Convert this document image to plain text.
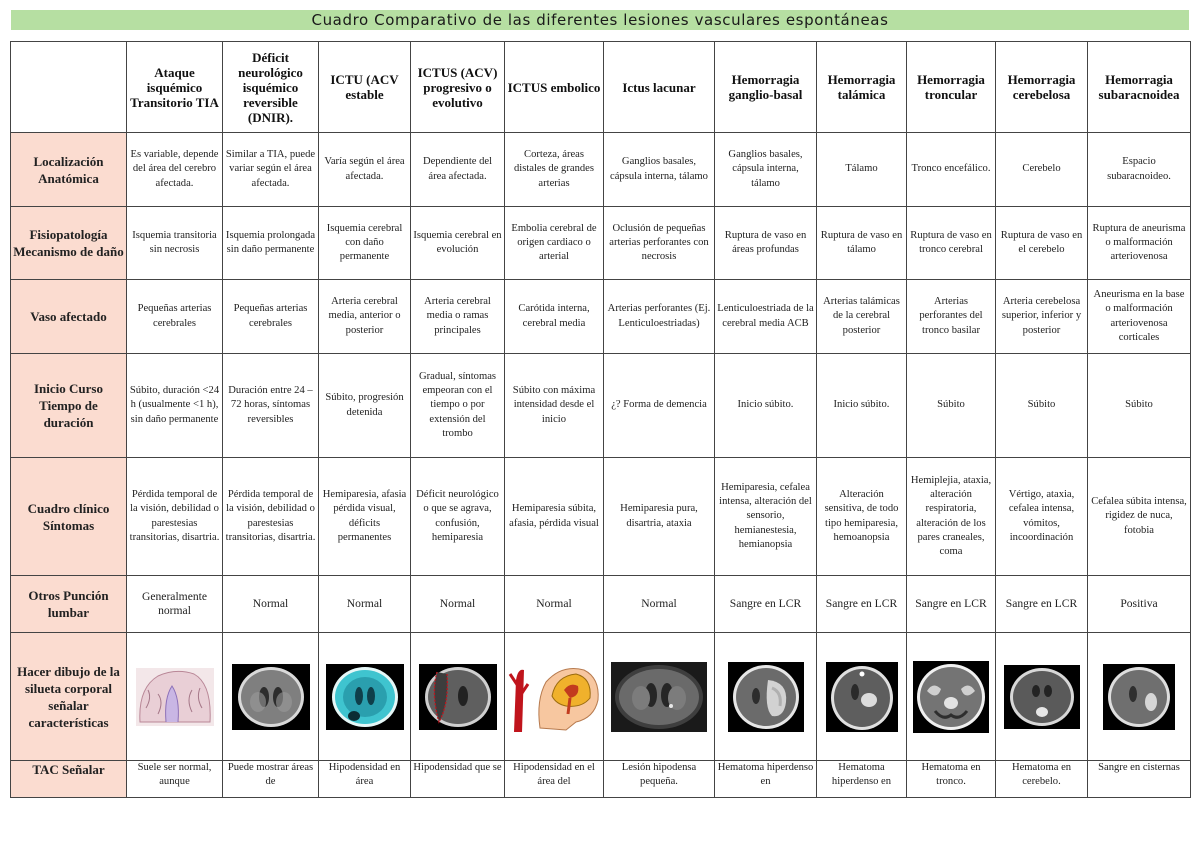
Cuadro Comparativo de las diferentes lesiones vasculares espontáneas
	Ataque isquémico Transitorio TIA	Déficit neurológico isquémico reversible (DNIR).	ICTU (ACV estable	ICTUS (ACV) progresivo o evolutivo	ICTUS embolico	Ictus lacunar	Hemorragia ganglio-basal	Hemorragia talámica	Hemorragia troncular	Hemorragia cerebelosa	Hemorragia subaracnoidea
Localización Anatómica	Es variable, depende del área del cerebro afectada.	Similar a TIA, puede variar según el área afectada.	Varía según el área afectada.	Dependiente del área afectada.	Corteza, áreas distales de grandes arterias	Ganglios basales, cápsula interna, tálamo	Ganglios basales, cápsula interna, tálamo	Tálamo	Tronco encefálico.	Cerebelo	Espacio subaracnoideo.
Fisiopatología Mecanismo de daño	Isquemia transitoria sin necrosis	Isquemia prolongada sin daño permanente	Isquemia cerebral con daño permanente	Isquemia cerebral en evolución	Embolia cerebral de origen cardiaco o arterial	Oclusión de pequeñas arterias perforantes con necrosis	Ruptura de vaso en áreas profundas	Ruptura de vaso en tálamo	Ruptura de vaso en tronco cerebral	Ruptura de vaso en el cerebelo	Ruptura de aneurisma o malformación arteriovenosa
Vaso afectado	Pequeñas arterias cerebrales	Pequeñas arterias cerebrales	Arteria cerebral media, anterior o posterior	Arteria cerebral media o ramas principales	Carótida interna, cerebral media	Arterias perforantes (Ej. Lenticuloestriadas)	Lenticuloestriada de la cerebral media ACB	Arterias talámicas de la cerebral posterior	Arterias perforantes del tronco basilar	Arteria cerebelosa superior, inferior y posterior	Aneurisma en la base o malformación arteriovenosa corticales
Inicio Curso Tiempo de duración	Súbito, duración <24 h (usualmente <1 h), sin daño permanente	Duración entre 24 – 72 horas, síntomas reversibles	Súbito, progresión detenida	Gradual, síntomas empeoran con el tiempo o por extensión del trombo	Súbito con máxima intensidad desde el inicio	¿? Forma de demencia	Inicio súbito.	Inicio súbito.	Súbito	Súbito	Súbito
Cuadro clínico Síntomas	Pérdida temporal de la visión, debilidad o parestesias transitorias, disartria.	Pérdida temporal de la visión, debilidad o parestesias transitorias, disartria.	Hemiparesia, afasia pérdida visual, déficits permanentes	Déficit neurológico o que se agrava, confusión, hemiparesia	Hemiparesia súbita, afasia, pérdida visual	Hemiparesia pura, disartria, ataxia	Hemiparesia, cefalea intensa, alteración del sensorio, hemianestesia, hemianopsia	Alteración sensitiva, de todo tipo hemiparesia, hemoanopsia	Hemiplejia, ataxia, alteración respiratoria, alteración de los pares craneales, coma	Vértigo, ataxia, cefalea intensa, vómitos, incoordinación	Cefalea súbita intensa, rigidez de nuca, fotobia
Otros Punción lumbar	Generalmente normal	Normal	Normal	Normal	Normal	Normal	Sangre en LCR	Sangre en LCR	Sangre en LCR	Sangre en LCR	Positiva
Hacer dibujo de la silueta corporal señalar características	

TAC Señalar	Suele ser normal, aunque	Puede mostrar áreas de	Hipodensidad en área	Hipodensidad que se	Hipodensidad en el área del	Lesión hipodensa pequeña.	Hematoma hiperdenso en	Hematoma hiperdenso en	Hematoma en tronco.	Hematoma en cerebelo.	Sangre en cisternas
